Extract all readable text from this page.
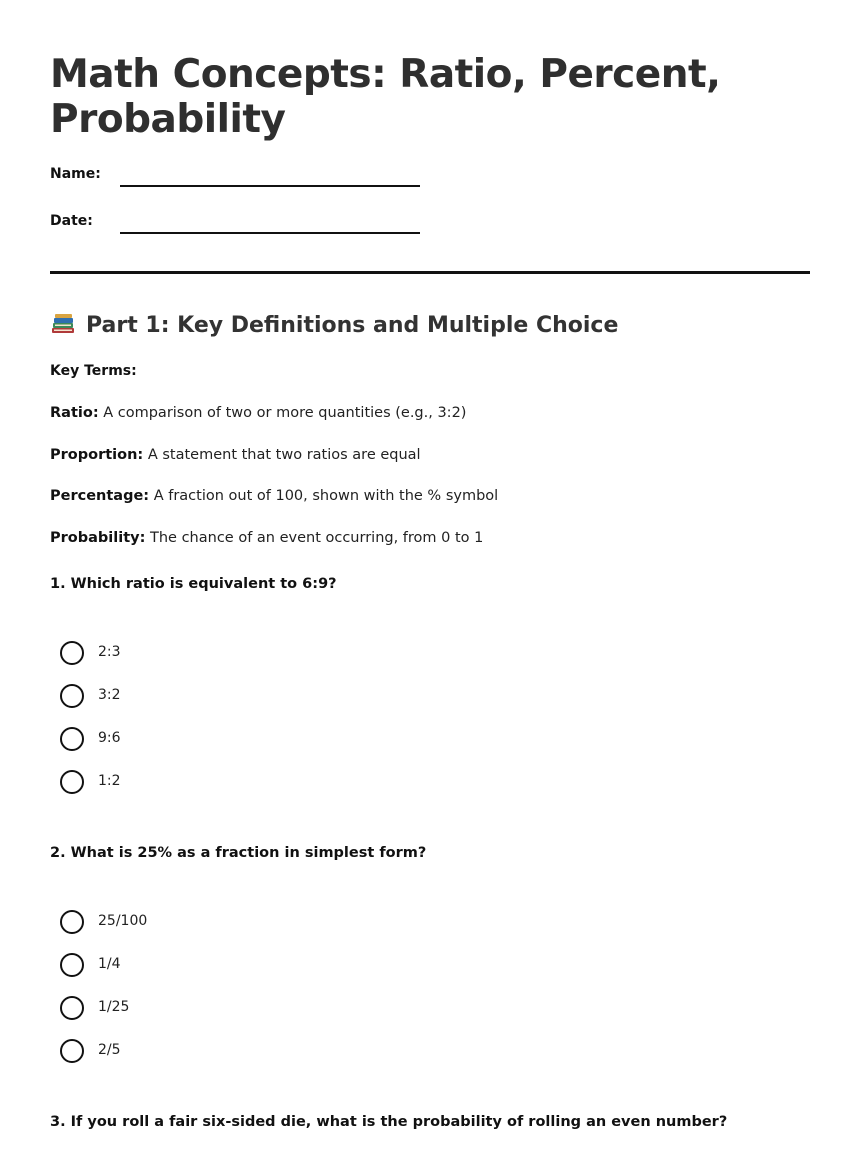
Math Concepts: Ratio, Percent, Probability
Name:
Date:
Part 1: Key Definitions and Multiple Choice
Key Terms:
Ratio: A comparison of two or more quantities (e.g., 3:2)
Proportion: A statement that two ratios are equal
Percentage: A fraction out of 100, shown with the % symbol
Probability: The chance of an event occurring, from 0 to 1
1. Which ratio is equivalent to 6:9?
2:3
3:2
9:6
1:2
2. What is 25% as a fraction in simplest form?
25/100
1/4
1/25
2/5
3. If you roll a fair six-sided die, what is the probability of rolling an even number?
